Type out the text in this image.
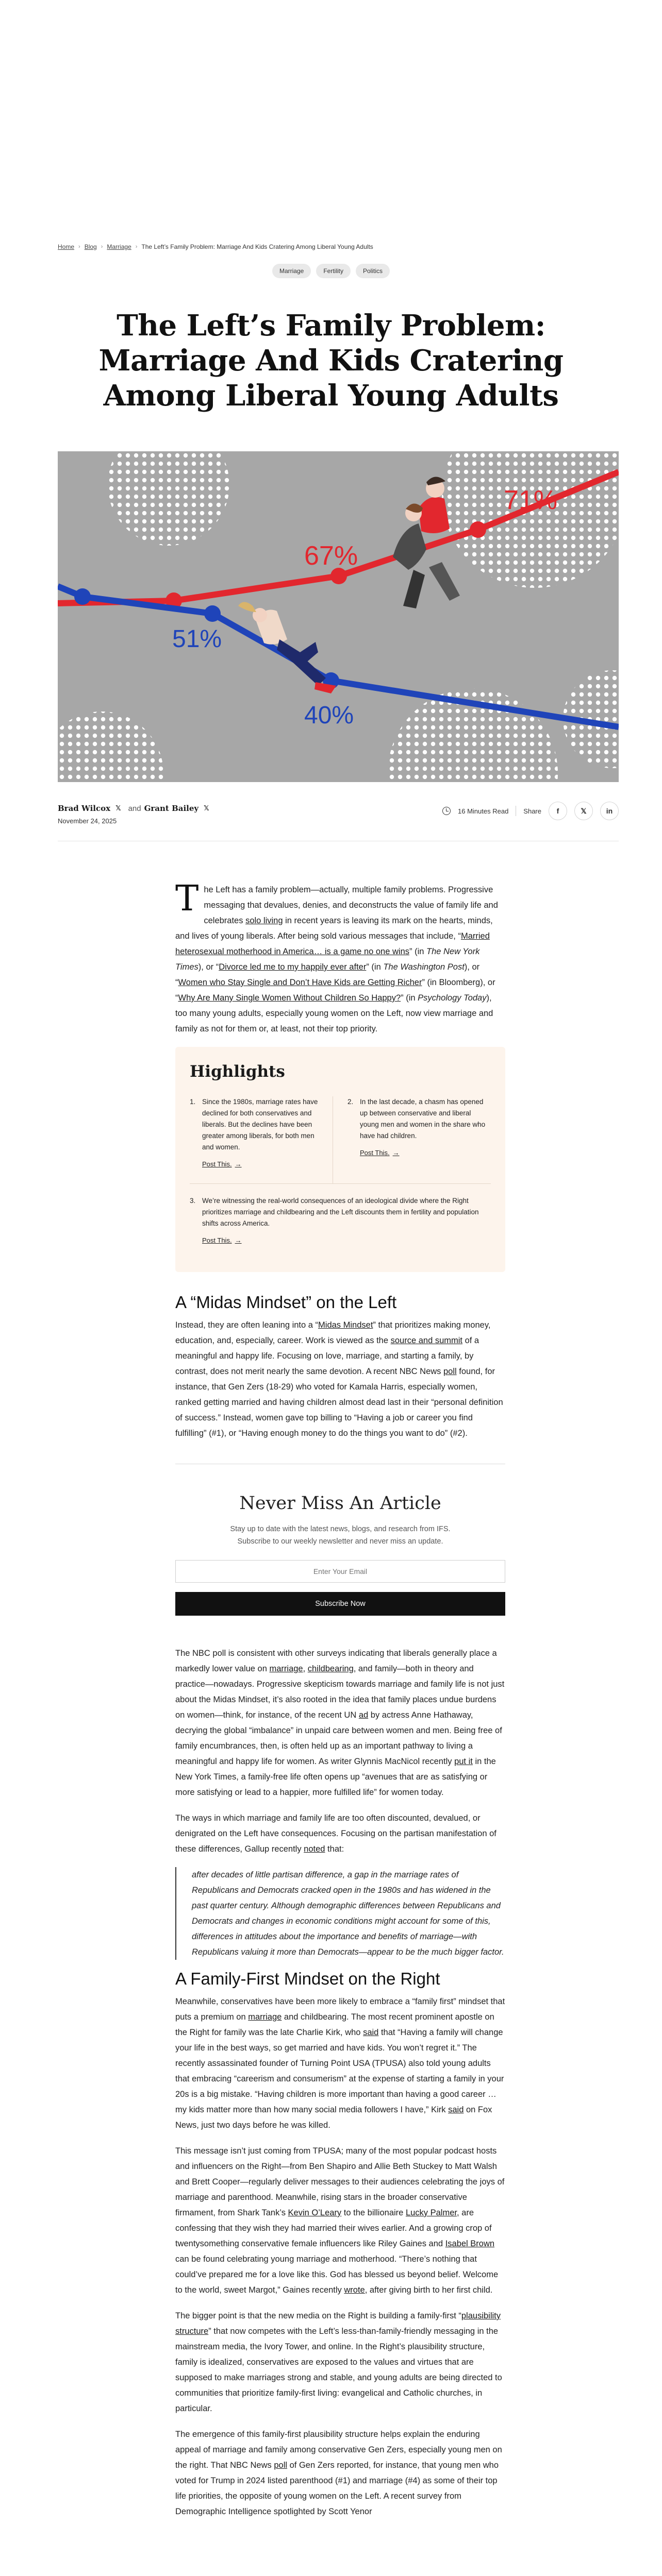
Home › Blog › Marriage › The Left’s Family Problem: Marriage And Kids Cratering Among Liberal Young Adults
Marriage	Fertility	Politics
The Left’s Family Problem: Marriage And Kids Cratering Among Liberal Young Adults
51%
40%
67%
71%
Brad Wilcox 𝕏 and Grant Bailey 𝕏
November 24, 2025
16 Minutes Read Share f	𝕏	in

The Left has a family problem—actually, multiple family problems. Progressive messaging that devalues, denies, and deconstructs the value of family life and celebrates solo living in recent years is leaving its mark on the hearts, minds, and lives of young liberals. After being sold various messages that include, “Married heterosexual motherhood in America… is a game no one wins” (in The New York Times), or “Divorce led me to my happily ever after” (in The Washington Post), or “Women who Stay Single and Don’t Have Kids are Getting Richer” (in Bloomberg), or “Why Are Many Single Women Without Children So Happy?” (in Psychology Today), too many young adults, especially young women on the Left, now view marriage and family as not for them or, at least, not their top priority.

Highlights
1. Since the 1980s, marriage rates have declined for both conservatives and liberals. But the declines have been greater among liberals, for both men and women.
Post This. →
2. In the last decade, a chasm has opened up between conservative and liberal young men and women in the share who have had children.
Post This. →
3. We’re witnessing the real-world consequences of an ideological divide where the Right prioritizes marriage and childbearing and the Left discounts them in fertility and population shifts across America.
Post This. →
A “Midas Mindset” on the Left

Instead, they are often leaning into a “Midas Mindset” that prioritizes making money, education, and, especially, career. Work is viewed as the source and summit of a meaningful and happy life. Focusing on love, marriage, and starting a family, by contrast, does not merit nearly the same devotion. A recent NBC News poll found, for instance, that Gen Zers (18-29) who voted for Kamala Harris, especially women, ranked getting married and having children almost dead last in their “personal definition of success.” Instead, women gave top billing to “Having a job or career you find fulfilling” (#1), or “Having enough money to do the things you want to do” (#2).

Never Miss An Article
Stay up to date with the latest news, blogs, and research from IFS.
Subscribe to our weekly newsletter and never miss an update.
Enter Your Email Subscribe Now

The NBC poll is consistent with other surveys indicating that liberals generally place a markedly lower value on marriage, childbearing, and family—both in theory and practice—nowadays. Progressive skepticism towards marriage and family life is not just about the Midas Mindset, it’s also rooted in the idea that family places undue burdens on women—think, for instance, of the recent UN ad by actress Anne Hathaway, decrying the global “imbalance” in unpaid care between women and men. Being free of family encumbrances, then, is often held up as an important pathway to living a meaningful and happy life for women. As writer Glynnis MacNicol recently put it in the New York Times, a family-free life often opens up “avenues that are as satisfying or more satisfying or lead to a happier, more fulfilled life” for women today.

The ways in which marriage and family life are too often discounted, devalued, or denigrated on the Left have consequences. Focusing on the partisan manifestation of these differences, Gallup recently noted that:

after decades of little partisan difference, a gap in the marriage rates of Republicans and Democrats cracked open in the 1980s and has widened in the past quarter century. Although demographic differences between Republicans and Democrats and changes in economic conditions might account for some of this, differences in attitudes about the importance and benefits of marriage—with Republicans valuing it more than Democrats—appear to be the much bigger factor.

A Family-First Mindset on the Right

Meanwhile, conservatives have been more likely to embrace a “family first” mindset that puts a premium on marriage and childbearing. The most recent prominent apostle on the Right for family was the late Charlie Kirk, who said that “Having a family will change your life in the best ways, so get married and have kids. You won’t regret it.” The recently assassinated founder of Turning Point USA (TPUSA) also told young adults that embracing “careerism and consumerism” at the expense of starting a family in your 20s is a big mistake. “Having children is more important than having a good career … my kids matter more than how many social media followers I have,” Kirk said on Fox News, just two days before he was killed.

This message isn’t just coming from TPUSA; many of the most popular podcast hosts and influencers on the Right—from Ben Shapiro and Allie Beth Stuckey to Matt Walsh and Brett Cooper—regularly deliver messages to their audiences celebrating the joys of marriage and parenthood. Meanwhile, rising stars in the broader conservative firmament, from Shark Tank’s Kevin O’Leary to the billionaire Lucky Palmer, are confessing that they wish they had married their wives earlier. And a growing crop of twentysomething conservative female influencers like Riley Gaines and Isabel Brown can be found celebrating young marriage and motherhood. “There’s nothing that could’ve prepared me for a love like this. God has blessed us beyond belief. Welcome to the world, sweet Margot,” Gaines recently wrote, after giving birth to her first child.

The bigger point is that the new media on the Right is building a family-first “plausibility structure” that now competes with the Left’s less-than-family-friendly messaging in the mainstream media, the Ivory Tower, and online. In the Right’s plausibility structure, family is idealized, conservatives are exposed to the values and virtues that are supposed to make marriages strong and stable, and young adults are being directed to communities that prioritize family-first living: evangelical and Catholic churches, in particular.

The emergence of this family-first plausibility structure helps explain the enduring appeal of marriage and family among conservative Gen Zers, especially young men on the right. That NBC News poll of Gen Zers reported, for instance, that young men who voted for Trump in 2024 listed parenthood (#1) and marriage (#4) as some of their top life priorities, the opposite of young women on the Left. A recent survey from Demographic Intelligence spotlighted by Scott Yenor
